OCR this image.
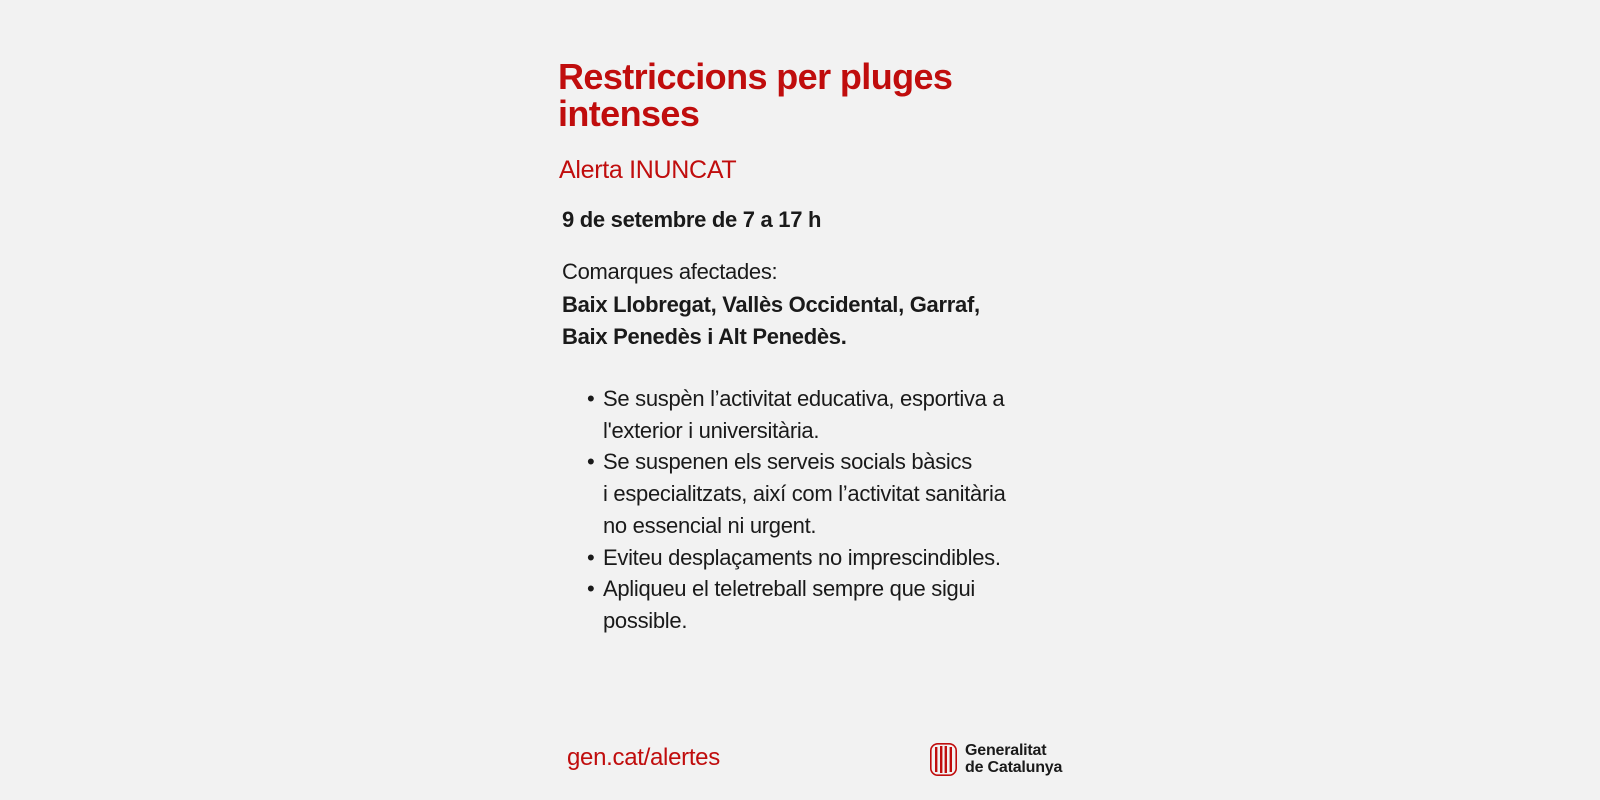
Restriccions per pluges
intenses
Alerta INUNCAT
9 de setembre de 7 a 17 h
Comarques afectades:
Baix Llobregat, Vallès Occidental, Garraf,
Baix Penedès i Alt Penedès.
• Se suspèn l’activitat educativa, esportiva a
l'exterior i universitària.
• Se suspenen els serveis socials bàsics
i especialitzats, així com l’activitat sanitària
no essencial ni urgent.
• Eviteu desplaçaments no imprescindibles.
• Apliqueu el teletreball sempre que sigui
possible.
gen.cat/alertes	Generalitat
de Catalunya
